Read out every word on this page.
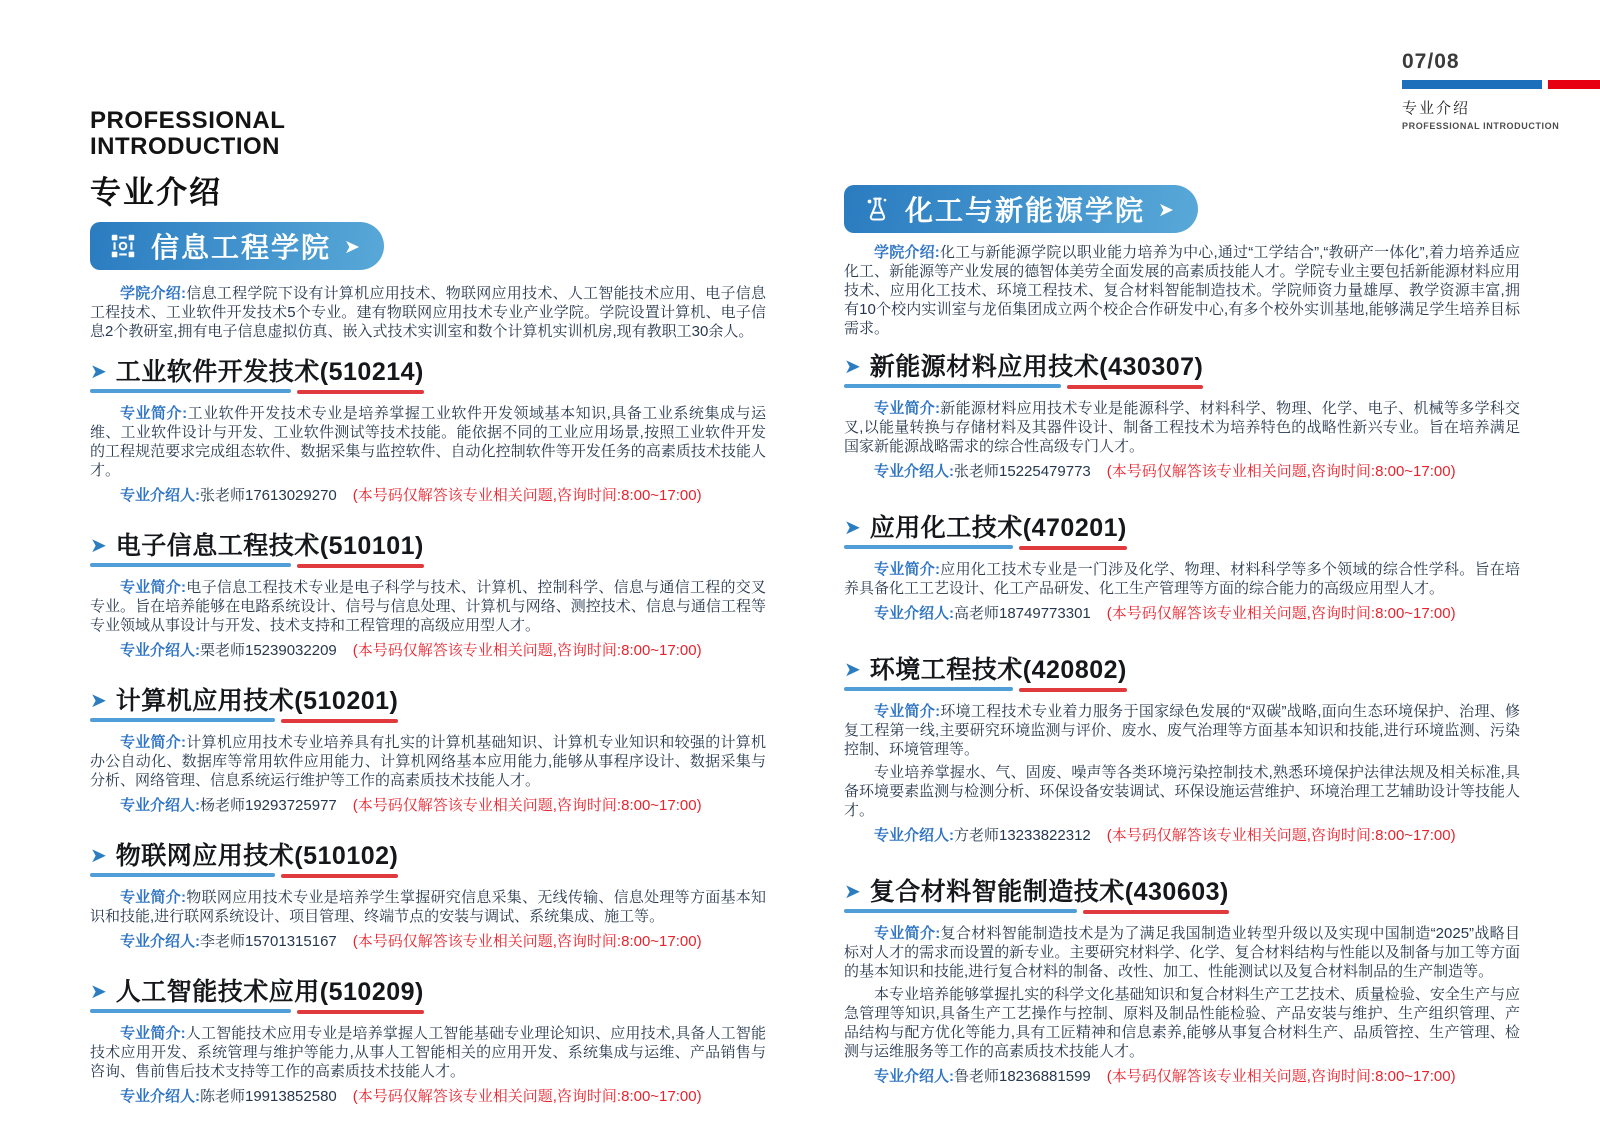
07/08
专业介绍
PROFESSIONAL INTRODUCTION
PROFESSIONAL
INTRODUCTION
专业介绍
信息工程学院 ➤

学院介绍:信息工程学院下设有计算机应用技术、物联网应用技术、人工智能技术应用、电子信息工程技术、工业软件开发技术5个专业。建有物联网应用技术专业产业学院。学院设置计算机、电子信息2个教研室,拥有电子信息虚拟仿真、嵌入式技术实训室和数个计算机实训机房,现有教职工30余人。

➤ 工业软件开发技术(510214)

专业简介:工业软件开发技术专业是培养掌握工业软件开发领域基本知识,具备工业系统集成与运维、工业软件设计与开发、工业软件测试等技术技能。能依据不同的工业应用场景,按照工业软件开发的工程规范要求完成组态软件、数据采集与监控软件、自动化控制软件等开发任务的高素质技术技能人才。

专业介绍人:张老师17613029270 (本号码仅解答该专业相关问题,咨询时间:8:00~17:00)

➤ 电子信息工程技术(510101)

专业简介:电子信息工程技术专业是电子科学与技术、计算机、控制科学、信息与通信工程的交叉专业。旨在培养能够在电路系统设计、信号与信息处理、计算机与网络、测控技术、信息与通信工程等专业领域从事设计与开发、技术支持和工程管理的高级应用型人才。

专业介绍人:栗老师15239032209 (本号码仅解答该专业相关问题,咨询时间:8:00~17:00)

➤ 计算机应用技术(510201)

专业简介:计算机应用技术专业培养具有扎实的计算机基础知识、计算机专业知识和较强的计算机办公自动化、数据库等常用软件应用能力、计算机网络基本应用能力,能够从事程序设计、数据采集与分析、网络管理、信息系统运行维护等工作的高素质技术技能人才。

专业介绍人:杨老师19293725977 (本号码仅解答该专业相关问题,咨询时间:8:00~17:00)

➤ 物联网应用技术(510102)

专业简介:物联网应用技术专业是培养学生掌握研究信息采集、无线传输、信息处理等方面基本知识和技能,进行联网系统设计、项目管理、终端节点的安装与调试、系统集成、施工等。

专业介绍人:李老师15701315167 (本号码仅解答该专业相关问题,咨询时间:8:00~17:00)

➤ 人工智能技术应用(510209)

专业简介:人工智能技术应用专业是培养掌握人工智能基础专业理论知识、应用技术,具备人工智能技术应用开发、系统管理与维护等能力,从事人工智能相关的应用开发、系统集成与运维、产品销售与咨询、售前售后技术支持等工作的高素质技术技能人才。

专业介绍人:陈老师19913852580 (本号码仅解答该专业相关问题,咨询时间:8:00~17:00)

化工与新能源学院 ➤

学院介绍:化工与新能源学院以职业能力培养为中心,通过“工学结合”,“教研产一体化”,着力培养适应化工、新能源等产业发展的德智体美劳全面发展的高素质技能人才。学院专业主要包括新能源材料应用技术、应用化工技术、环境工程技术、复合材料智能制造技术。学院师资力量雄厚、教学资源丰富,拥有10个校内实训室与龙佰集团成立两个校企合作研发中心,有多个校外实训基地,能够满足学生培养目标需求。

➤ 新能源材料应用技术(430307)

专业简介:新能源材料应用技术专业是能源科学、材料科学、物理、化学、电子、机械等多学科交叉,以能量转换与存储材料及其器件设计、制备工程技术为培养特色的战略性新兴专业。旨在培养满足国家新能源战略需求的综合性高级专门人才。

专业介绍人:张老师15225479773 (本号码仅解答该专业相关问题,咨询时间:8:00~17:00)

➤ 应用化工技术(470201)

专业简介:应用化工技术专业是一门涉及化学、物理、材料科学等多个领域的综合性学科。旨在培养具备化工工艺设计、化工产品研发、化工生产管理等方面的综合能力的高级应用型人才。

专业介绍人:高老师18749773301 (本号码仅解答该专业相关问题,咨询时间:8:00~17:00)

➤ 环境工程技术(420802)

专业简介:环境工程技术专业着力服务于国家绿色发展的“双碳”战略,面向生态环境保护、治理、修复工程第一线,主要研究环境监测与评价、废水、废气治理等方面基本知识和技能,进行环境监测、污染控制、环境管理等。

专业培养掌握水、气、固废、噪声等各类环境污染控制技术,熟悉环境保护法律法规及相关标准,具备环境要素监测与检测分析、环保设备安装调试、环保设施运营维护、环境治理工艺辅助设计等技能人才。

专业介绍人:方老师13233822312 (本号码仅解答该专业相关问题,咨询时间:8:00~17:00)

➤ 复合材料智能制造技术(430603)

专业简介:复合材料智能制造技术是为了满足我国制造业转型升级以及实现中国制造“2025”战略目标对人才的需求而设置的新专业。主要研究材料学、化学、复合材料结构与性能以及制备与加工等方面的基本知识和技能,进行复合材料的制备、改性、加工、性能测试以及复合材料制品的生产制造等。

本专业培养能够掌握扎实的科学文化基础知识和复合材料生产工艺技术、质量检验、安全生产与应急管理等知识,具备生产工艺操作与控制、原料及制品性能检验、产品安装与维护、生产组织管理、产品结构与配方优化等能力,具有工匠精神和信息素养,能够从事复合材料生产、品质管控、生产管理、检测与运维服务等工作的高素质技术技能人才。

专业介绍人:鲁老师18236881599 (本号码仅解答该专业相关问题,咨询时间:8:00~17:00)
